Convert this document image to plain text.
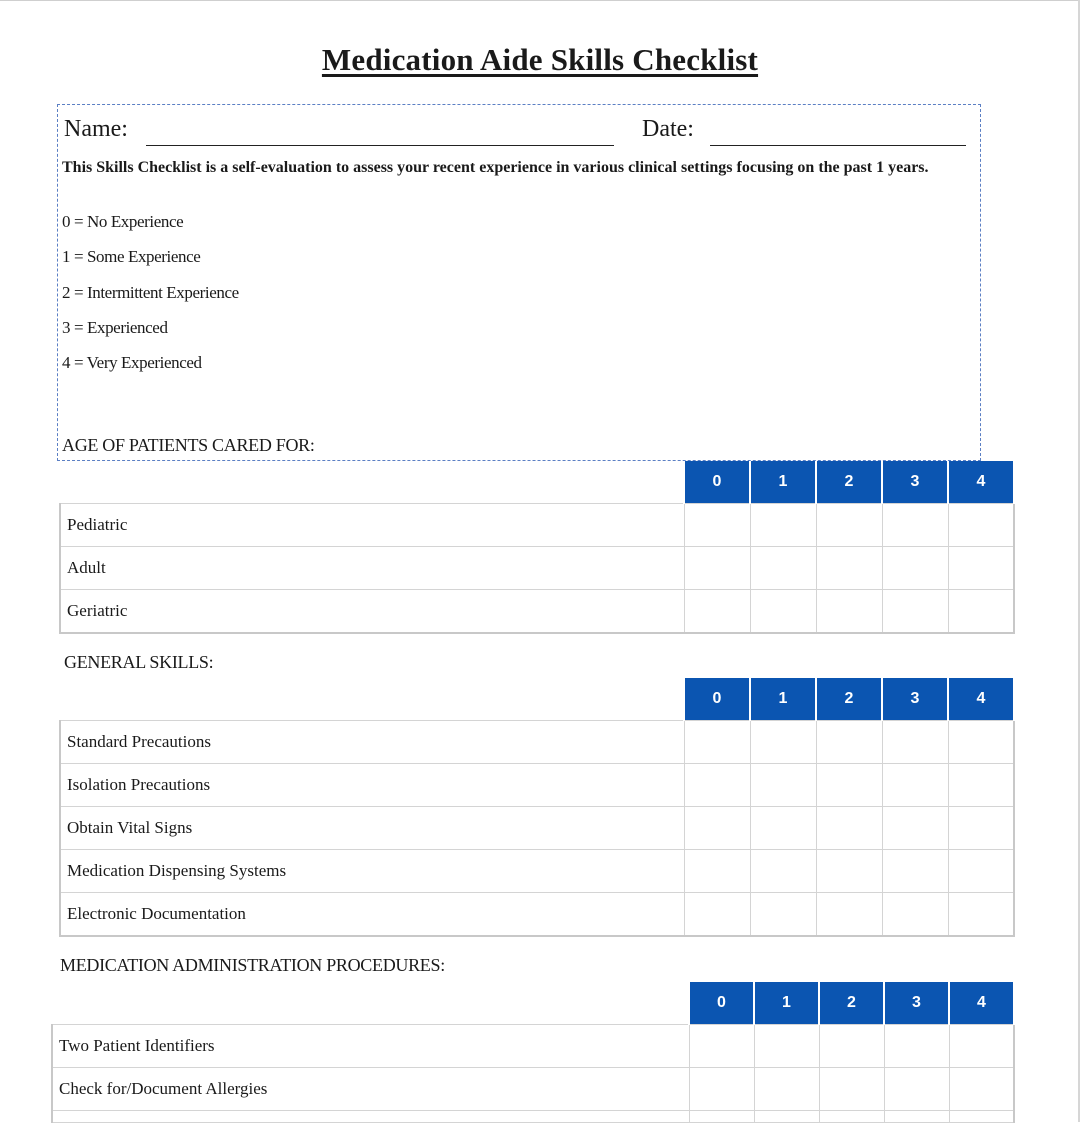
Medication Aide Skills Checklist
Name:	Date:
This Skills Checklist is a self-evaluation to assess your recent experience in various clinical settings focusing on the past 1 years.
0 = No Experience
1 = Some Experience
2 = Intermittent Experience
3 = Experienced
4 = Very Experienced
AGE OF PATIENTS CARED FOR:
	0	1	2	3	4
Pediatric					
Adult					
Geriatric					
GENERAL SKILLS:
	0	1	2	3	4
Standard Precautions					
Isolation Precautions					
Obtain Vital Signs					
Medication Dispensing Systems					
Electronic Documentation					
MEDICATION ADMINISTRATION PROCEDURES:
	0	1	2	3	4
Two Patient Identifiers					
Check for/Document Allergies					
